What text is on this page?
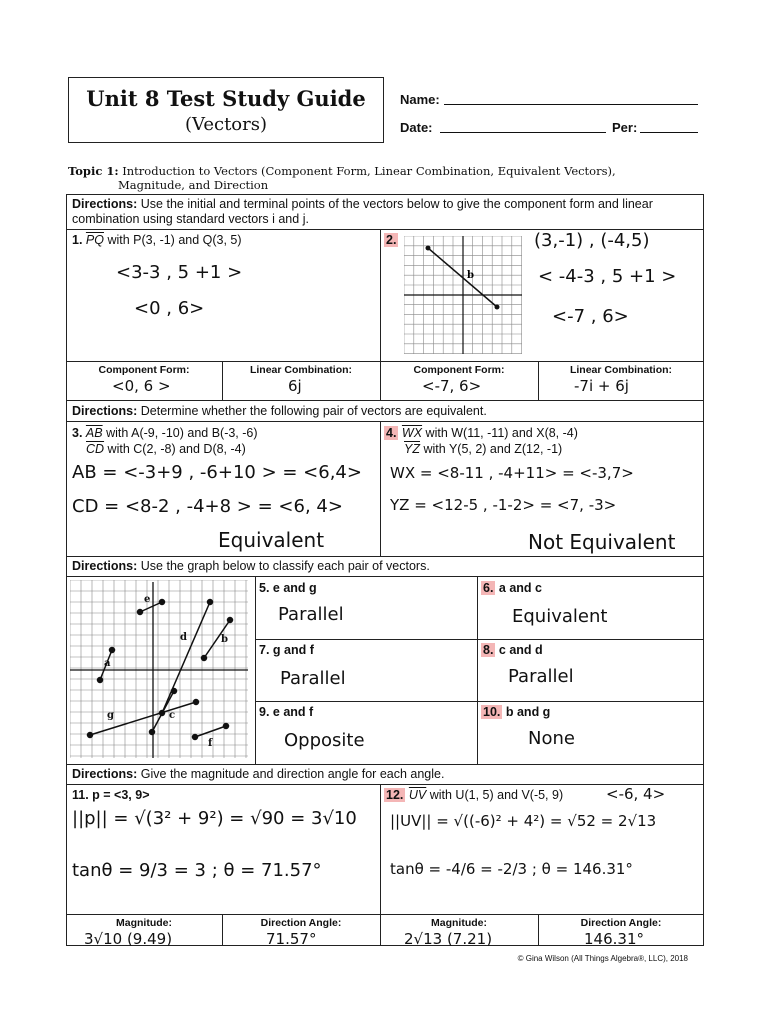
Unit 8 Test Study Guide
(Vectors)
Name:
Date:	Per:
Topic 1: Introduction to Vectors (Component Form, Linear Combination, Equivalent Vectors),
Magnitude, and Direction
Directions: Use the initial and terminal points of the vectors below to give the component form and linear combination using standard vectors i and j.
1. $\overline{PQ}$ with P(3, -1) and Q(3, 5)
<3-3 , 5 +1 >
<0 , 6>
2.
b
(3,-1) , (-4,5)
< -4-3 , 5 +1 >
<-7 , 6>
Component Form:	Linear Combination:	Component Form:	Linear Combination:
<0, 6 >	6j	<-7, 6>	-7i + 6j
Directions: Determine whether the following pair of vectors are equivalent.
3. $\overline{AB}$ with A(-9, -10) and B(-3, -6)
$\overline{CD}$ with C(2, -8) and D(8, -4)
AB = <-3+9 , -6+10 > = <6,4>
CD = <8-2 , -4+8 > = <6, 4>
Equivalent
4. $\overline{WX}$ with W(11, -11) and X(8, -4)
$\overline{YZ}$ with Y(5, 2) and Z(12, -1)
WX = <8-11 , -4+11> = <-3,7>
YZ = <12-5 , -1-2> = <7, -3>
Not Equivalent
Directions: Use the graph below to classify each pair of vectors.
a
b
c
d
e
f
g
5. e and g
Parallel
6. a and c
Equivalent
7. g and f
Parallel
8. c and d
Parallel
9. e and f
Opposite
10. b and g
None
Directions: Give the magnitude and direction angle for each angle.
11. p = <3, 9>
||p|| = √(3² + 9²) = √90 = 3√10
tanθ = 9/3 = 3 ; θ = 71.57°
12. $\overline{UV}$ with U(1, 5) and V(-5, 9)	<-6, 4>
||UV|| = √((-6)² + 4²) = √52 = 2√13
tanθ = -4/6 = -2/3 ; θ = 146.31°
Magnitude:	Direction Angle:	Magnitude:	Direction Angle:
3√10 (9.49)	71.57°	2√13 (7.21)	146.31°
© Gina Wilson (All Things Algebra®, LLC), 2018
